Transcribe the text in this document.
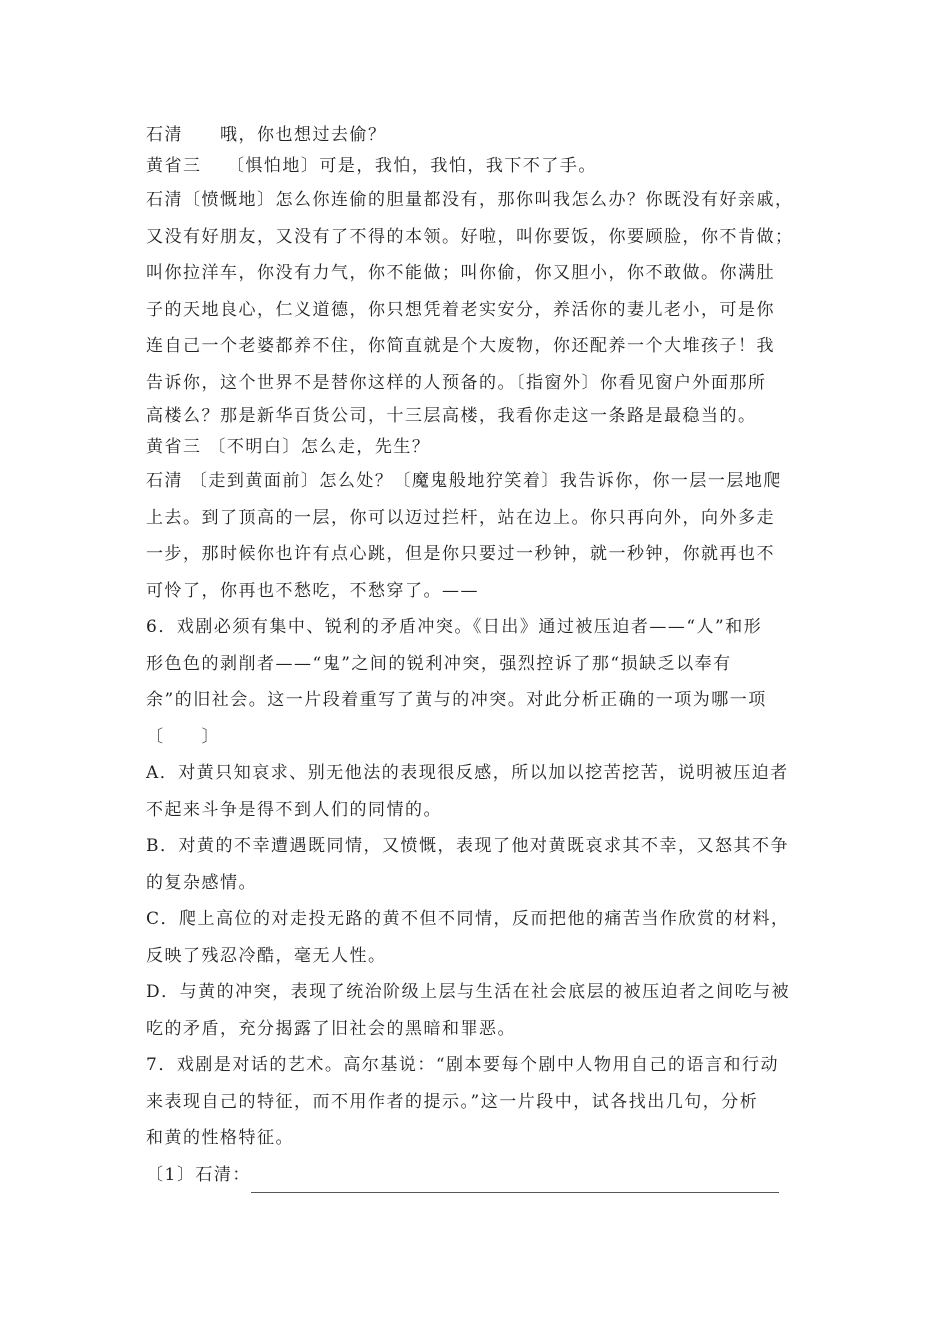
石清　　哦，你也想过去偷？
黄省三　 〔惧怕地〕可是，我怕，我怕，我下不了手。
石清〔愤慨地〕怎么你连偷的胆量都没有，那你叫我怎么办？你既没有好亲戚，
又没有好朋友，又没有了不得的本领。好啦，叫你要饭，你要顾脸，你不肯做；
叫你拉洋车，你没有力气，你不能做；叫你偷，你又胆小，你不敢做。你满肚
子的天地良心，仁义道德，你只想凭着老实安分，养活你的妻儿老小，可是你
连自己一个老婆都养不住，你简直就是个大废物，你还配养一个大堆孩子！我
告诉你，这个世界不是替你这样的人预备的。〔指窗外〕你看见窗户外面那所
高楼么？那是新华百货公司，十三层高楼，我看你走这一条路是最稳当的。
黄省三 〔不明白〕怎么走，先生？
石清 〔走到黄面前〕怎么处？〔魔鬼般地狞笑着〕我告诉你，你一层一层地爬
上去。到了顶高的一层，你可以迈过拦杆，站在边上。你只再向外，向外多走
一步，那时候你也许有点心跳，但是你只要过一秒钟，就一秒钟，你就再也不
可怜了，你再也不愁吃，不愁穿了。——
6．戏剧必须有集中、锐利的矛盾冲突。《日出》通过被压迫者——“人”和形
形色色的剥削者——“鬼”之间的锐利冲突，强烈控诉了那“损缺乏以奉有
余”的旧社会。这一片段着重写了黄与的冲突。对此分析正确的一项为哪一项
〔　　〕
A．对黄只知哀求、别无他法的表现很反感，所以加以挖苦挖苦，说明被压迫者
不起来斗争是得不到人们的同情的。
B．对黄的不幸遭遇既同情，又愤慨，表现了他对黄既哀求其不幸，又怒其不争
的复杂感情。
C．爬上高位的对走投无路的黄不但不同情，反而把他的痛苦当作欣赏的材料，
反映了残忍冷酷，毫无人性。
D．与黄的冲突，表现了统治阶级上层与生活在社会底层的被压迫者之间吃与被
吃的矛盾，充分揭露了旧社会的黑暗和罪恶。
7．戏剧是对话的艺术。高尔基说：“剧本要每个剧中人物用自己的语言和行动
来表现自己的特征，而不用作者的提示。”这一片段中，试各找出几句，分析
和黄的性格特征。
〔1〕石清：
